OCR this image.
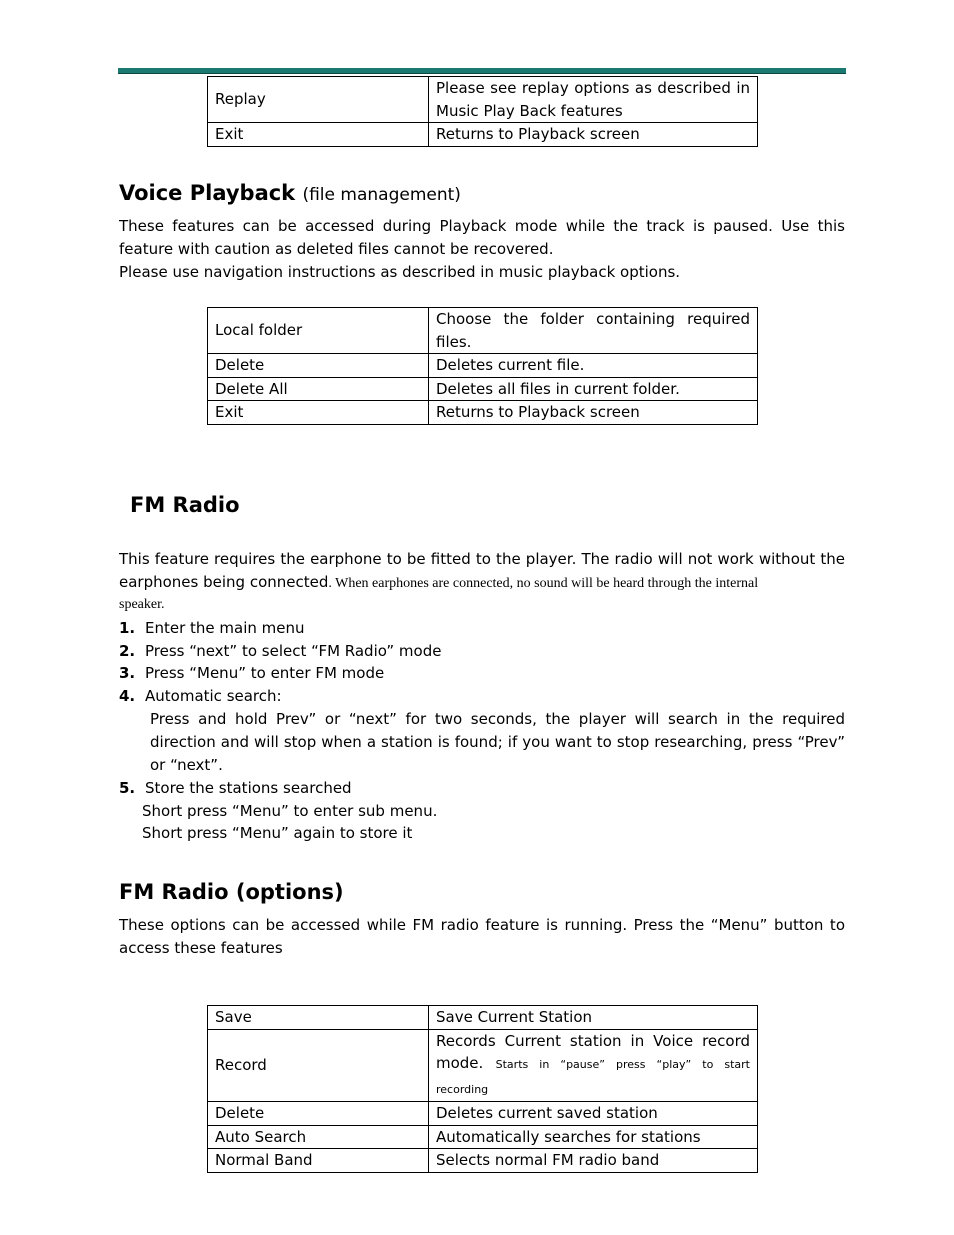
Replay	Please see replay options as described in Music Play Back features
Exit	Returns to Playback screen
Voice Playback (file management)
These features can be accessed during Playback mode while the track is paused. Use this feature with caution as deleted files cannot be recovered.
Please use navigation instructions as described in music playback options.
Local folder	Choose the folder containing required files.
Delete	Deletes current file.
Delete All	Deletes all files in current folder.
Exit	Returns to Playback screen
FM Radio
This feature requires the earphone to be fitted to the player. The radio will not work without the earphones being connected. When earphones are connected, no sound will be heard through the internal
speaker.
1. Enter the main menu
2. Press “next” to select “FM Radio” mode
3. Press “Menu” to enter FM mode
4. Automatic search:
Press and hold Prev” or “next” for two seconds, the player will search in the required direction and will stop when a station is found; if you want to stop researching, press “Prev” or “next”.
5. Store the stations searched
Short press “Menu” to enter sub menu.
Short press “Menu” again to store it
FM Radio (options)
These options can be accessed while FM radio feature is running. Press the “Menu” button to access these features
Save	Save Current Station
Record	Records Current station in Voice record mode. Starts in “pause” press “play” to start recording
Delete	Deletes current saved station
Auto Search	Automatically searches for stations
Normal Band	Selects normal FM radio band
